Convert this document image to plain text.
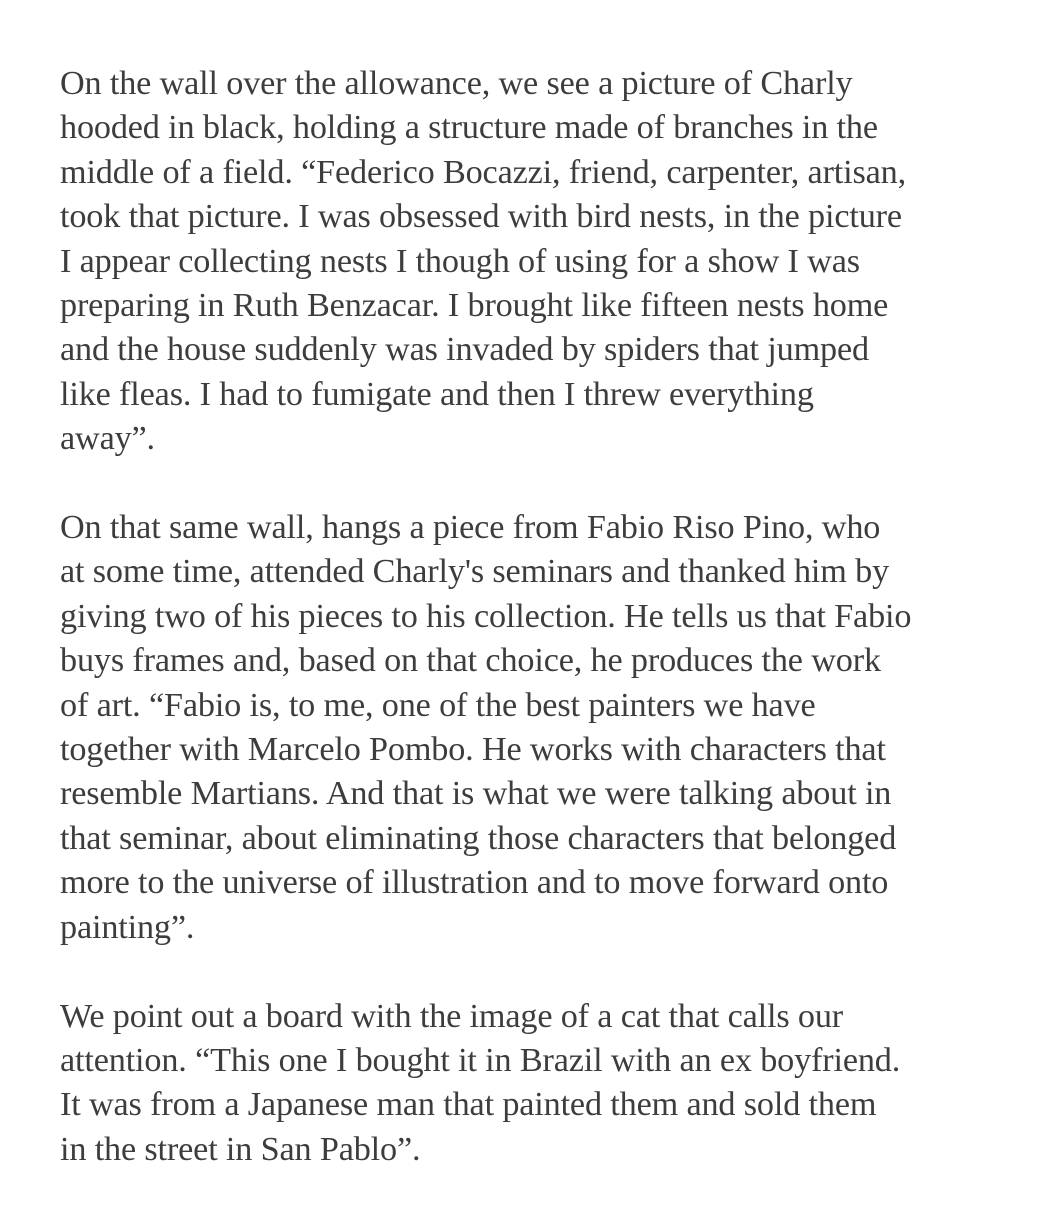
On the wall over the allowance, we see a picture of Charly
hooded in black, holding a structure made of branches in the
middle of a field. “Federico Bocazzi, friend, carpenter, artisan,
took that picture. I was obsessed with bird nests, in the picture
I appear collecting nests I though of using for a show I was
preparing in Ruth Benzacar. I brought like fifteen nests home
and the house suddenly was invaded by spiders that jumped
like fleas. I had to fumigate and then I threw everything
away”.

On that same wall, hangs a piece from Fabio Riso Pino, who
at some time, attended Charly's seminars and thanked him by
giving two of his pieces to his collection. He tells us that Fabio
buys frames and, based on that choice, he produces the work
of art. “Fabio is, to me, one of the best painters we have
together with Marcelo Pombo. He works with characters that
resemble Martians. And that is what we were talking about in
that seminar, about eliminating those characters that belonged
more to the universe of illustration and to move forward onto
painting”.

We point out a board with the image of a cat that calls our
attention. “This one I bought it in Brazil with an ex boyfriend.
It was from a Japanese man that painted them and sold them
in the street in San Pablo”.
